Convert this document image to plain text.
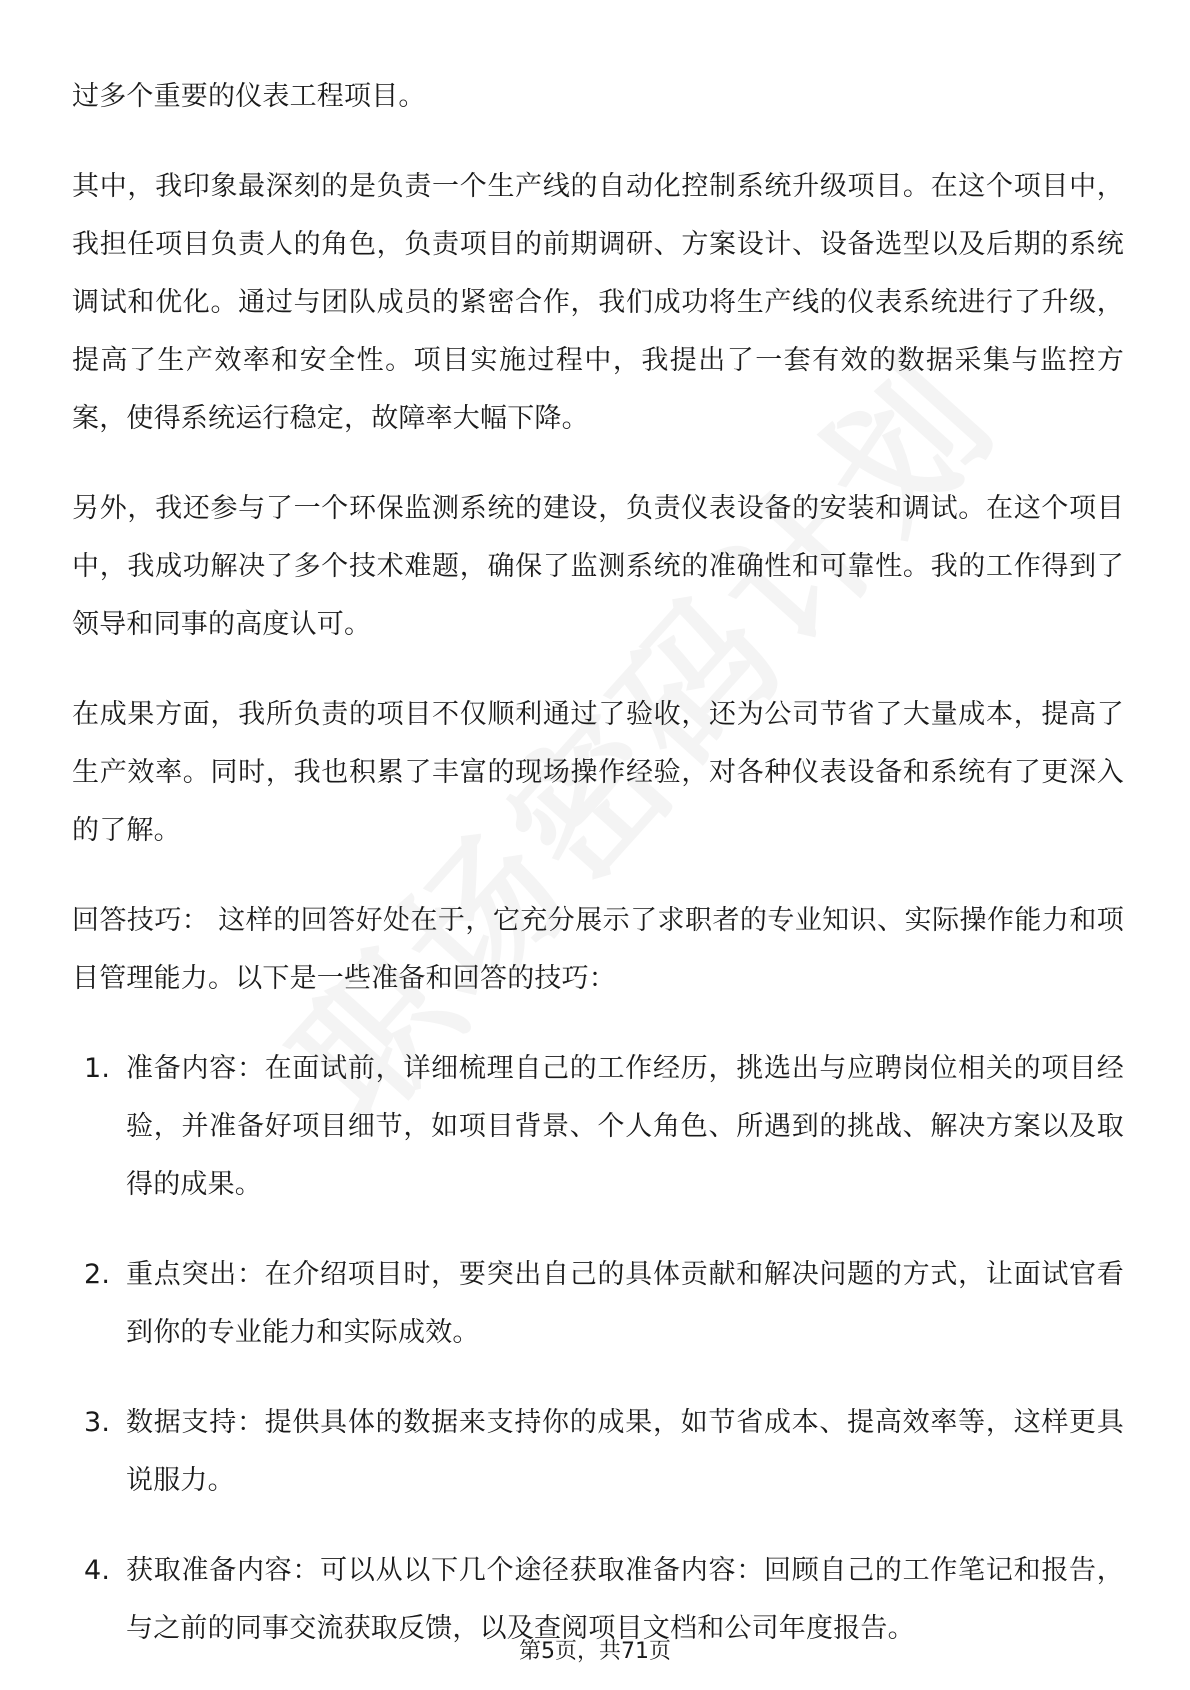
过多个重要的仪表工程项目。

其中，我印象最深刻的是负责一个生产线的自动化控制系统升级项目。在这个项目中，我担任项目负责人的角色，负责项目的前期调研、方案设计、设备选型以及后期的系统调试和优化。通过与团队成员的紧密合作，我们成功将生产线的仪表系统进行了升级，提高了生产效率和安全性。项目实施过程中，我提出了一套有效的数据采集与监控方案，使得系统运行稳定，故障率大幅下降。

另外，我还参与了一个环保监测系统的建设，负责仪表设备的安装和调试。在这个项目中，我成功解决了多个技术难题，确保了监测系统的准确性和可靠性。我的工作得到了领导和同事的高度认可。

在成果方面，我所负责的项目不仅顺利通过了验收，还为公司节省了大量成本，提高了生产效率。同时，我也积累了丰富的现场操作经验，对各种仪表设备和系统有了更深入的了解。

回答技巧： 这样的回答好处在于，它充分展示了求职者的专业知识、实际操作能力和项目管理能力。以下是一些准备和回答的技巧：

1. 准备内容：在面试前，详细梳理自己的工作经历，挑选出与应聘岗位相关的项目经验，并准备好项目细节，如项目背景、个人角色、所遇到的挑战、解决方案以及取得的成果。
2. 重点突出：在介绍项目时，要突出自己的具体贡献和解决问题的方式，让面试官看到你的专业能力和实际成效。
3. 数据支持：提供具体的数据来支持你的成果，如节省成本、提高效率等，这样更具说服力。
4. 获取准备内容：可以从以下几个途径获取准备内容：回顾自己的工作笔记和报告，与之前的同事交流获取反馈，以及查阅项目文档和公司年度报告。
第5页，共71页
